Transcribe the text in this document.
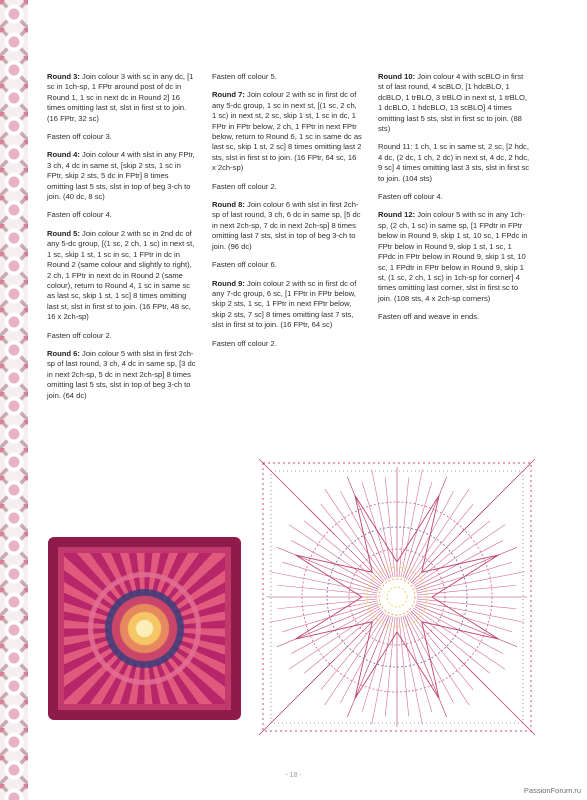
Round 3: Join colour 3 with sc in any dc, [1 sc in 1ch-sp, 1 FPtr around post of dc in Round 1, 1 sc in next dc in Round 2] 16 times omitting last st, slst in first st to join. (16 FPtr, 32 sc)

Fasten off colour 3.

Round 4: Join colour 4 with slst in any FPtr, 3 ch, 4 dc in same st, [skip 2 sts, 1 sc in FPtr, skip 2 sts, 5 dc in FPtr] 8 times omitting last 5 sts, slst in top of beg 3-ch to join. (40 dc, 8 sc)

Fasten off colour 4.

Round 5: Join colour 2 with sc in 2nd dc of any 5-dc group, [(1 sc, 2 ch, 1 sc) in next st, 1 sc, skip 1 st, 1 sc in sc, 1 FPtr in dc in Round 2 (same colour and slightly to right), 2 ch, 1 FPtr in next dc in Round 2 (same colour), return to Round 4, 1 sc in same sc as last sc, skip 1 st, 1 sc] 8 times omitting last st, slst in first st to join. (16 FPtr, 48 sc, 16 x 2ch-sp)

Fasten off colour 2.

Round 6: Join colour 5 with slst in first 2ch-sp of last round, 3 ch, 4 dc in same sp, [3 dc in next 2ch-sp, 5 dc in next 2ch-sp] 8 times omitting last 5 sts, slst in top of beg 3-ch to join. (64 dc)

Fasten off colour 5.

Round 7: Join colour 2 with sc in first dc of any 5-dc group, 1 sc in next st, [(1 sc, 2 ch, 1 sc) in next st, 2 sc, skip 1 st, 1 sc in dc, 1 FPtr in FPtr below, 2 ch, 1 FPtr in next FPtr below, return to Round 6, 1 sc in same dc as last sc, skip 1 st, 2 sc] 8 times omitting last 2 sts, slst in first st to join. (16 FPtr, 64 sc, 16 x 2ch-sp)

Fasten off colour 2.

Round 8: Join colour 6 with slst in first 2ch-sp of last round, 3 ch, 6 dc in same sp, [5 dc in next 2ch-sp, 7 dc in next 2ch-sp] 8 times omitting last 7 sts, slst in top of beg 3-ch to join. (96 dc)

Fasten off colour 6.

Round 9: Join colour 2 with sc in first dc of any 7-dc group, 6 sc, [1 FPtr in FPtr below, skip 2 sts, 1 sc, 1 FPtr in next FPtr below, skip 2 sts, 7 sc] 8 times omitting last 7 sts, slst in first st to join. (16 FPtr, 64 sc)

Fasten off colour 2.

Round 10: Join colour 4 with scBLO in first st of last round, 4 scBLO, [1 hdcBLO, 1 dcBLO, 1 trBLO, 3 trBLO in next st, 1 trBLO, 1 dcBLO, 1 hdcBLO, 13 scBLO] 4 times omitting last 5 sts, slst in first sc to join. (88 sts)

Round 11: 1 ch, 1 sc in same st, 2 sc, [2 hdc, 4 dc, (2 dc, 1 ch, 2 dc) in next st, 4 dc, 2 hdc, 9 sc] 4 times omitting last 3 sts, slst in first sc to join. (104 sts)

Fasten off colour 4.

Round 12: Join colour 5 with sc in any 1ch-sp, (2 ch, 1 sc) in same sp, [1 FPdtr in FPtr below in Round 9, skip 1 st, 10 sc, 1 FPdc in FPtr below in Round 9, skip 1 st, 1 sc, 1 FPdc in FPtr below in Round 9, skip 1 st, 10 sc, 1 FPdtr in FPtr below in Round 9, skip 1 st, (1 sc, 2 ch, 1 sc) in 1ch-sp for corner] 4 times omitting last corner, slst in first sc to join. (108 sts, 4 x 2ch-sp corners)

Fasten off and weave in ends.

- 18 -
PassionForum.ru
